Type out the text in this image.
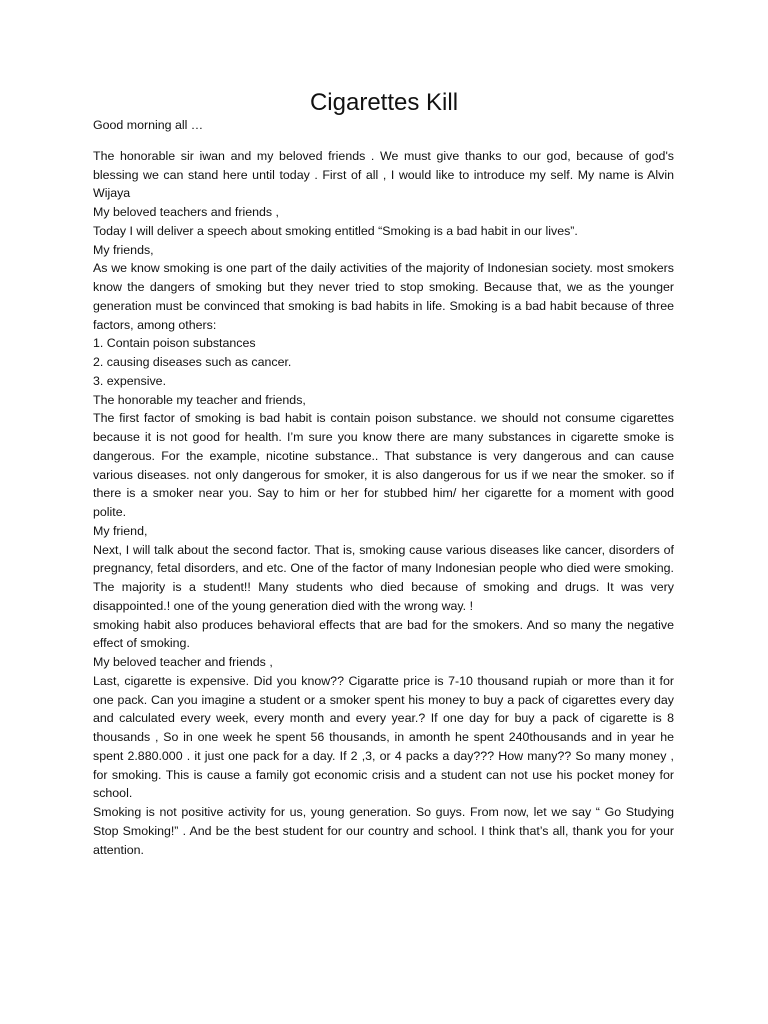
Cigarettes Kill

Good morning all …

The honorable sir iwan and my beloved friends . We must give thanks to our god, because of god's blessing we can stand here until today . First of all , I would like to introduce my self. My name is Alvin Wijaya

My beloved teachers and friends ,

Today I will deliver a speech about smoking entitled “Smoking is a bad habit in our lives”.

My friends,

As we know smoking is one part of the daily activities of the majority of Indonesian society. most smokers know the dangers of smoking but they never tried to stop smoking. Because that, we as the younger generation must be convinced that smoking is bad habits in life. Smoking is a bad habit because of three factors, among others:

1. Contain poison substances

2. causing diseases such as cancer.

3. expensive.

The honorable my teacher and friends,

The first factor of smoking is bad habit is contain poison substance. we should not consume cigarettes because it is not good for health. I’m sure you know there are many substances in cigarette smoke is dangerous. For the example, nicotine substance.. That substance is very dangerous and can cause various diseases. not only dangerous for smoker, it is also dangerous for us if we near the smoker. so if there is a smoker near you. Say to him or her for stubbed him/ her cigarette for a moment with good polite.

My friend,

Next, I will talk about the second factor. That is, smoking cause various diseases like cancer, disorders of pregnancy, fetal disorders, and etc. One of the factor of many Indonesian people who died were smoking. The majority is a student!! Many students who died because of smoking and drugs. It was very disappointed.! one of the young generation died with the wrong way. !

smoking habit also produces behavioral effects that are bad for the smokers. And so many the negative effect of smoking.

My beloved teacher and friends ,

Last, cigarette is expensive. Did you know?? Cigaratte price is 7-10 thousand rupiah or more than it for one pack. Can you imagine a student or a smoker spent his money to buy a pack of cigarettes every day and calculated every week, every month and every year.? If one day for buy a pack of cigarette is 8 thousands , So in one week he spent 56 thousands, in amonth he spent 240thousands and in year he spent 2.880.000 . it just one pack for a day. If 2 ,3, or 4 packs a day??? How many?? So many money , for smoking. This is cause a family got economic crisis and a student can not use his pocket money for school.

Smoking is not positive activity for us, young generation. So guys. From now, let we say “ Go Studying Stop Smoking!” . And be the best student for our country and school. I think that’s all, thank you for your attention.
